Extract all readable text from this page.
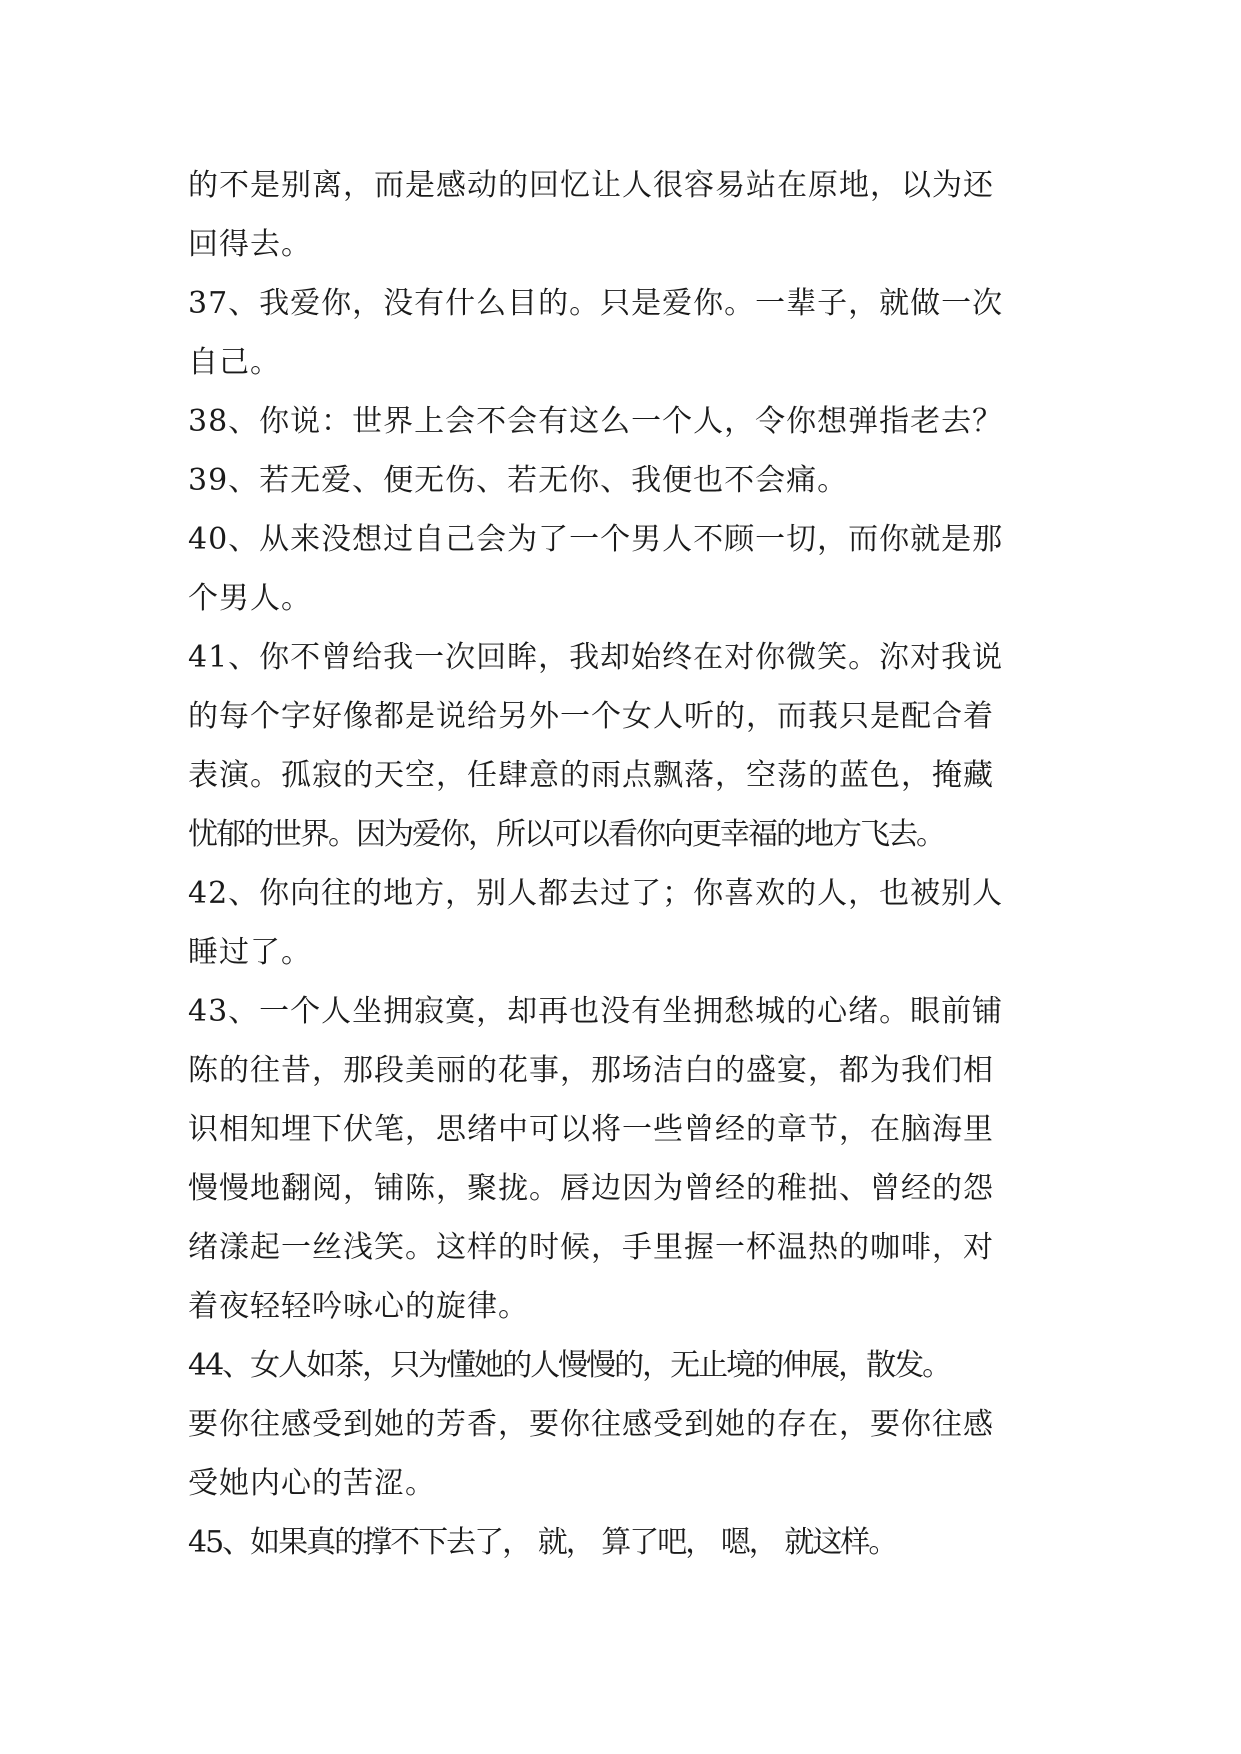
的不是别离，而是感动的回忆让人很容易站在原地，以为还
回得去。
37、我爱你，没有什么目的。只是爱你。一辈子，就做一次
自己。
38、你说：世界上会不会有这么一个人，令你想弹指老去？
39、若无爱、便无伤、若无你、我便也不会痛。
40、从来没想过自己会为了一个男人不顾一切，而你就是那
个男人。
41、你不曾给我一次回眸，我却始终在对你微笑。沵对我说
的每个字好像都是说给另外一个女人听的，而莪只是配合着
表演。孤寂的天空，任肆意的雨点飘落，空荡的蓝色，掩藏
忧郁的世界。因为爱你，所以可以看你向更幸福的地方飞去。
42、你向往的地方，别人都去过了；你喜欢的人，也被别人
睡过了。
43、一个人坐拥寂寞，却再也没有坐拥愁城的心绪。眼前铺
陈的往昔，那段美丽的花事，那场洁白的盛宴，都为我们相
识相知埋下伏笔，思绪中可以将一些曾经的章节，在脑海里
慢慢地翻阅，铺陈，聚拢。唇边因为曾经的稚拙、曾经的怨
绪漾起一丝浅笑。这样的时候，手里握一杯温热的咖啡，对
着夜轻轻吟咏心的旋律。
44、女人如茶，只为懂她的人慢慢的，无止境的伸展，散发。
要你往感受到她的芳香，要你往感受到她的存在，要你往感
受她内心的苦涩。
45、如果真的撑不下去了， 就， 算了吧， 嗯， 就这样。
